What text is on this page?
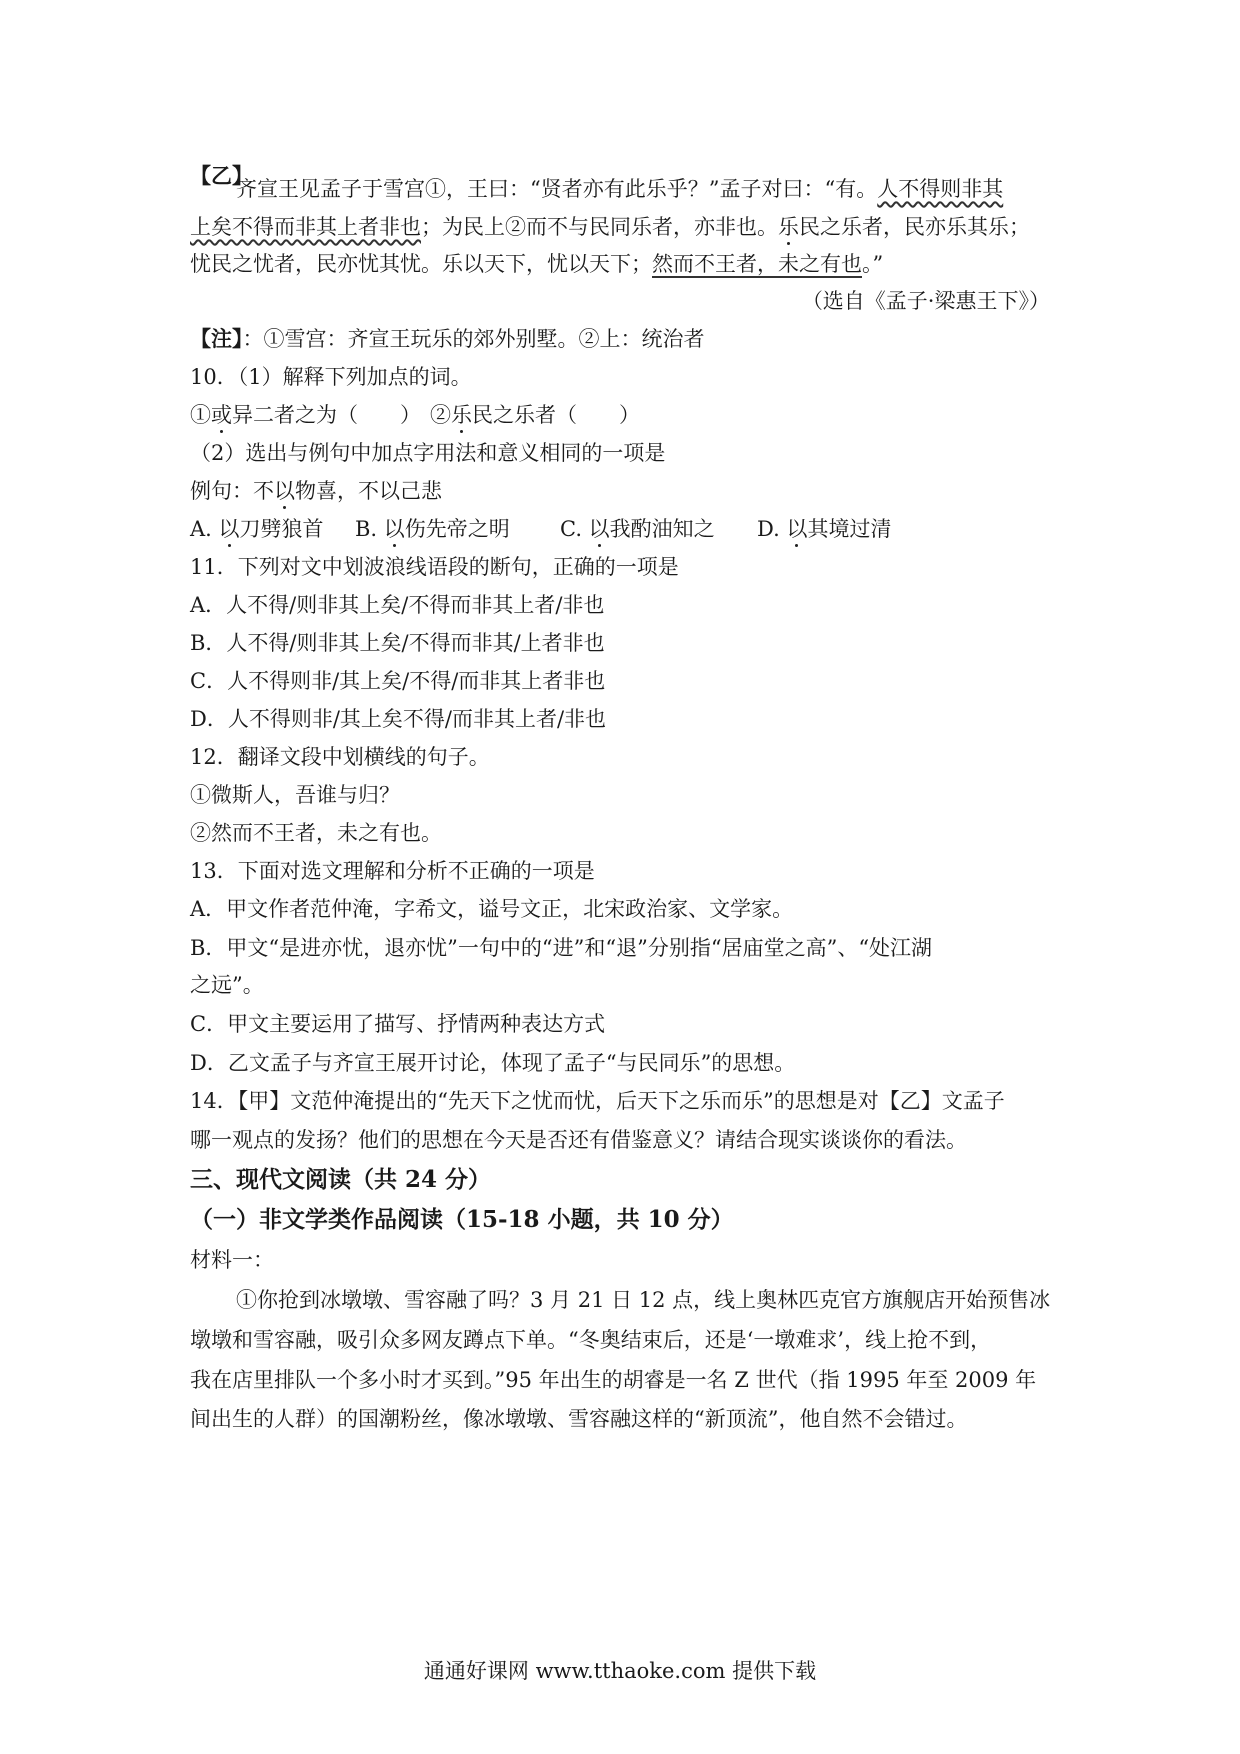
【乙】
齐宣王见孟子于雪宫①，王曰：“贤者亦有此乐乎？”孟子对曰：“有。人不得则非其
上矣不得而非其上者非也；为民上②而不与民同乐者，亦非也。乐民之乐者，民亦乐其乐；
忧民之忧者，民亦忧其忧。乐以天下，忧以天下；然而不王者，未之有也。”
（选自《孟子·梁惠王下》）
【注】：①雪宫：齐宣王玩乐的郊外别墅。②上：统治者
10．（1）解释下列加点的词。
①或异二者之为（　　） ②乐民之乐者（　　）
（2）选出与例句中加点字用法和意义相同的一项是
例句：不以物喜，不以己悲
A. 以刀劈狼首 B. 以伤先帝之明 C. 以我酌油知之 D. 以其境过清
11．下列对文中划波浪线语段的断句，正确的一项是
A．人不得/则非其上矣/不得而非其上者/非也
B．人不得/则非其上矣/不得而非其/上者非也
C．人不得则非/其上矣/不得/而非其上者非也
D．人不得则非/其上矣不得/而非其上者/非也
12．翻译文段中划横线的句子。
①微斯人，吾谁与归？
②然而不王者，未之有也。
13．下面对选文理解和分析不正确的一项是
A．甲文作者范仲淹，字希文，谥号文正，北宋政治家、文学家。
B．甲文“是进亦忧，退亦忧”一句中的“进”和“退”分别指“居庙堂之高”、“处江湖
之远”。
C．甲文主要运用了描写、抒情两种表达方式
D．乙文孟子与齐宣王展开讨论，体现了孟子“与民同乐”的思想。
14．【甲】文范仲淹提出的“先天下之忧而忧，后天下之乐而乐”的思想是对【乙】文孟子
哪一观点的发扬？他们的思想在今天是否还有借鉴意义？请结合现实谈谈你的看法。
三、现代文阅读（共 24 分）
（一）非文学类作品阅读（15-18 小题，共 10 分）
材料一：
①你抢到冰墩墩、雪容融了吗？3 月 21 日 12 点，线上奥林匹克官方旗舰店开始预售冰
墩墩和雪容融，吸引众多网友蹲点下单。“冬奥结束后，还是‘一墩难求’，线上抢不到，
我在店里排队一个多小时才买到。”95 年出生的胡睿是一名 Z 世代（指 1995 年至 2009 年
间出生的人群）的国潮粉丝，像冰墩墩、雪容融这样的“新顶流”，他自然不会错过。
通通好课网 www.tthaoke.com 提供下载
